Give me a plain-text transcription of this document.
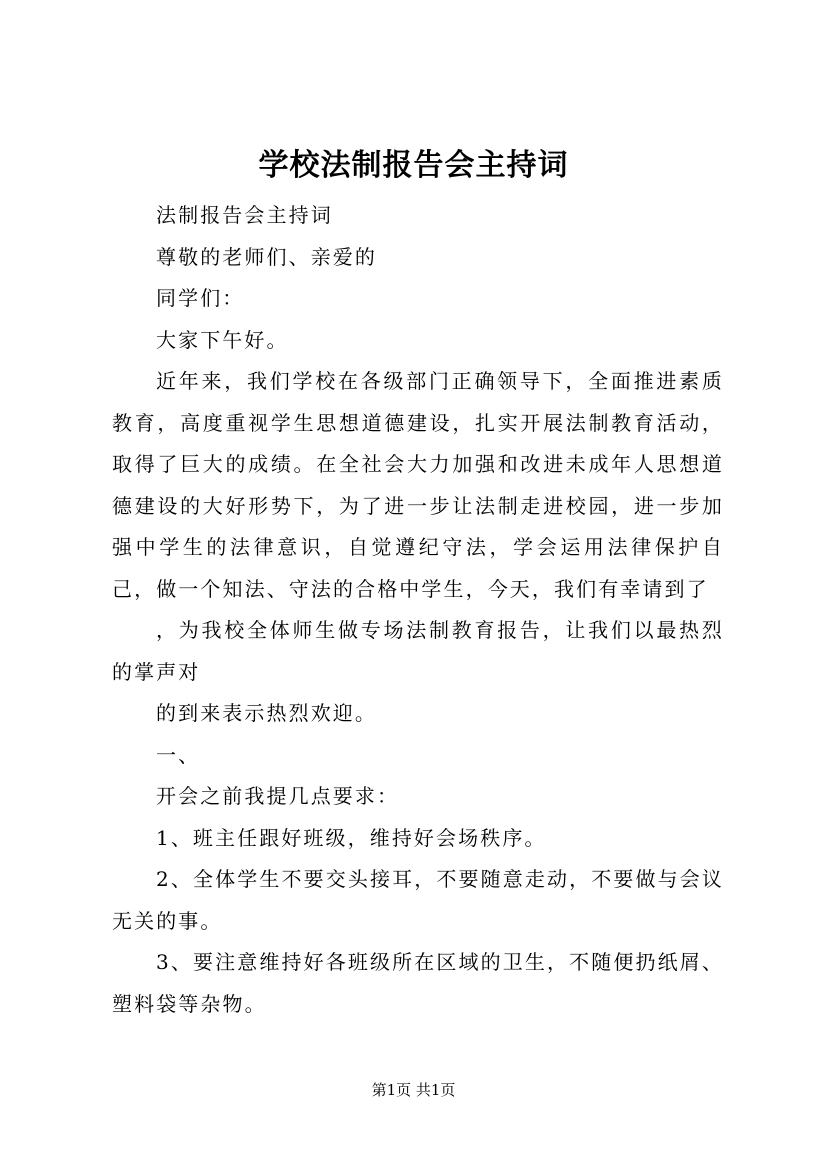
学校法制报告会主持词

法制报告会主持词

尊敬的老师们、亲爱的

同学们：

大家下午好。

近年来，我们学校在各级部门正确领导下，全面推进素质教育，高度重视学生思想道德建设，扎实开展法制教育活动，取得了巨大的成绩。在全社会大力加强和改进未成年人思想道德建设的大好形势下，为了进一步让法制走进校园，进一步加强中学生的法律意识，自觉遵纪守法，学会运用法律保护自己，做一个知法、守法的合格中学生，今天，我们有幸请到了

，为我校全体师生做专场法制教育报告，让我们以最热烈的掌声对

的到来表示热烈欢迎。

一、

开会之前我提几点要求：

1、班主任跟好班级，维持好会场秩序。

2、全体学生不要交头接耳，不要随意走动，不要做与会议无关的事。

3、要注意维持好各班级所在区域的卫生，不随便扔纸屑、塑料袋等杂物。

第1页 共1页
